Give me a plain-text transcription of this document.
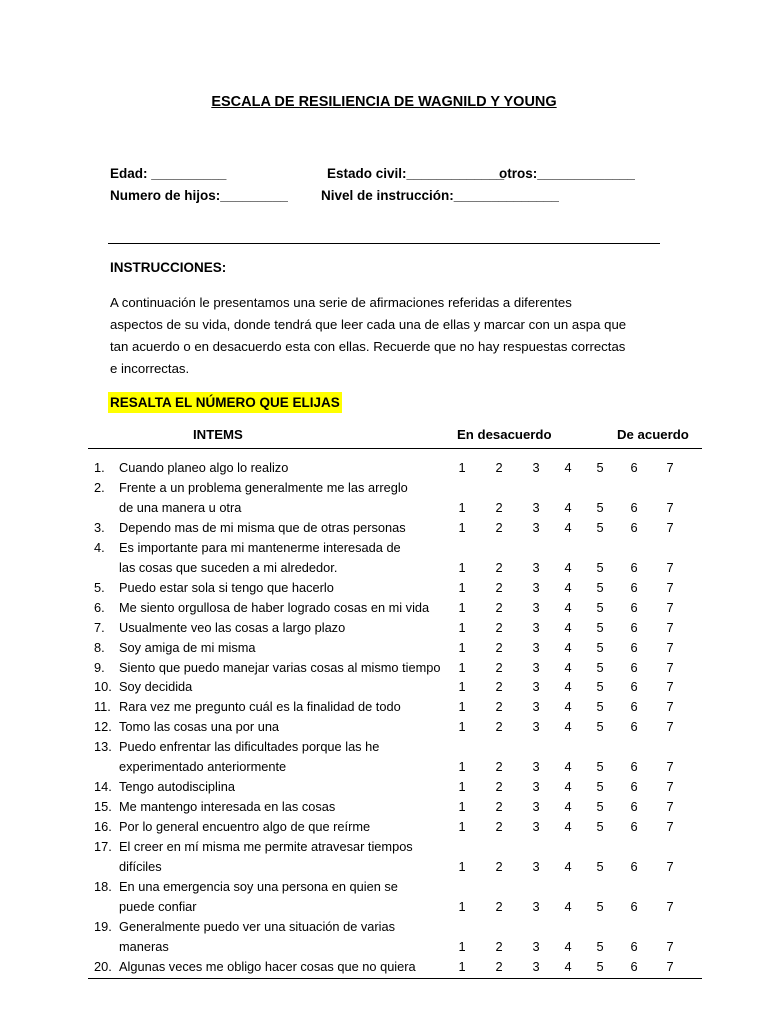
ESCALA DE RESILIENCIA DE WAGNILD Y YOUNG
Edad: __________	Estado civil:_____________
otros:_____________
Numero de hijos:_________ Nivel de instrucción:______________
INSTRUCCIONES:
A continuación le presentamos una serie de afirmaciones referidas a diferentes
aspectos de su vida, donde tendrá que leer cada una de ellas y marcar con un aspa que
tan acuerdo o en desacuerdo esta con ellas. Recuerde que no hay respuestas correctas
e incorrectas.
RESALTA EL NÚMERO QUE ELIJAS
INTEMS	En desacuerdo	De acuerdo
1.	Cuando planeo algo lo realizo	1 2 3 4 5 6 7
2.	Frente a un problema generalmente me las arreglo
de una manera u otra	1 2 3 4 5 6 7
3.	Dependo mas de mi misma que de otras personas	1 2 3 4 5 6 7
4.	Es importante para mi mantenerme interesada de
las cosas que suceden a mi alrededor.	1 2 3 4 5 6 7
5.	Puedo estar sola si tengo que hacerlo	1 2 3 4 5 6 7
6.	Me siento orgullosa de haber logrado cosas en mi vida 1 2 3 4 5 6 7
7.	Usualmente veo las cosas a largo plazo	1 2 3 4 5 6 7
8.	Soy amiga de mi misma	1 2 3 4 5 6 7
9.	Siento que puedo manejar varias cosas al mismo tiempo 1 2 3 4 5 6 7
10. Soy decidida	1 2 3 4 5 6 7
11. Rara vez me pregunto cuál es la finalidad de todo	1 2 3 4 5 6 7
12. Tomo las cosas una por una	1 2 3 4 5 6 7
13. Puedo enfrentar las dificultades porque las he
experimentado anteriormente	1 2 3 4 5 6 7
14. Tengo autodisciplina	1 2 3 4 5 6 7
15. Me mantengo interesada en las cosas	1 2 3 4 5 6 7
16. Por lo general encuentro algo de que reírme	1 2 3 4 5 6 7
17. El creer en mí misma me permite atravesar tiempos
difíciles	1 2 3 4 5 6 7
18. En una emergencia soy una persona en quien se
puede confiar	1 2 3 4 5 6 7
19. Generalmente puedo ver una situación de varias
maneras	1 2 3 4 5 6 7
20. Algunas veces me obligo hacer cosas que no quiera	1 2 3 4 5 6 7
